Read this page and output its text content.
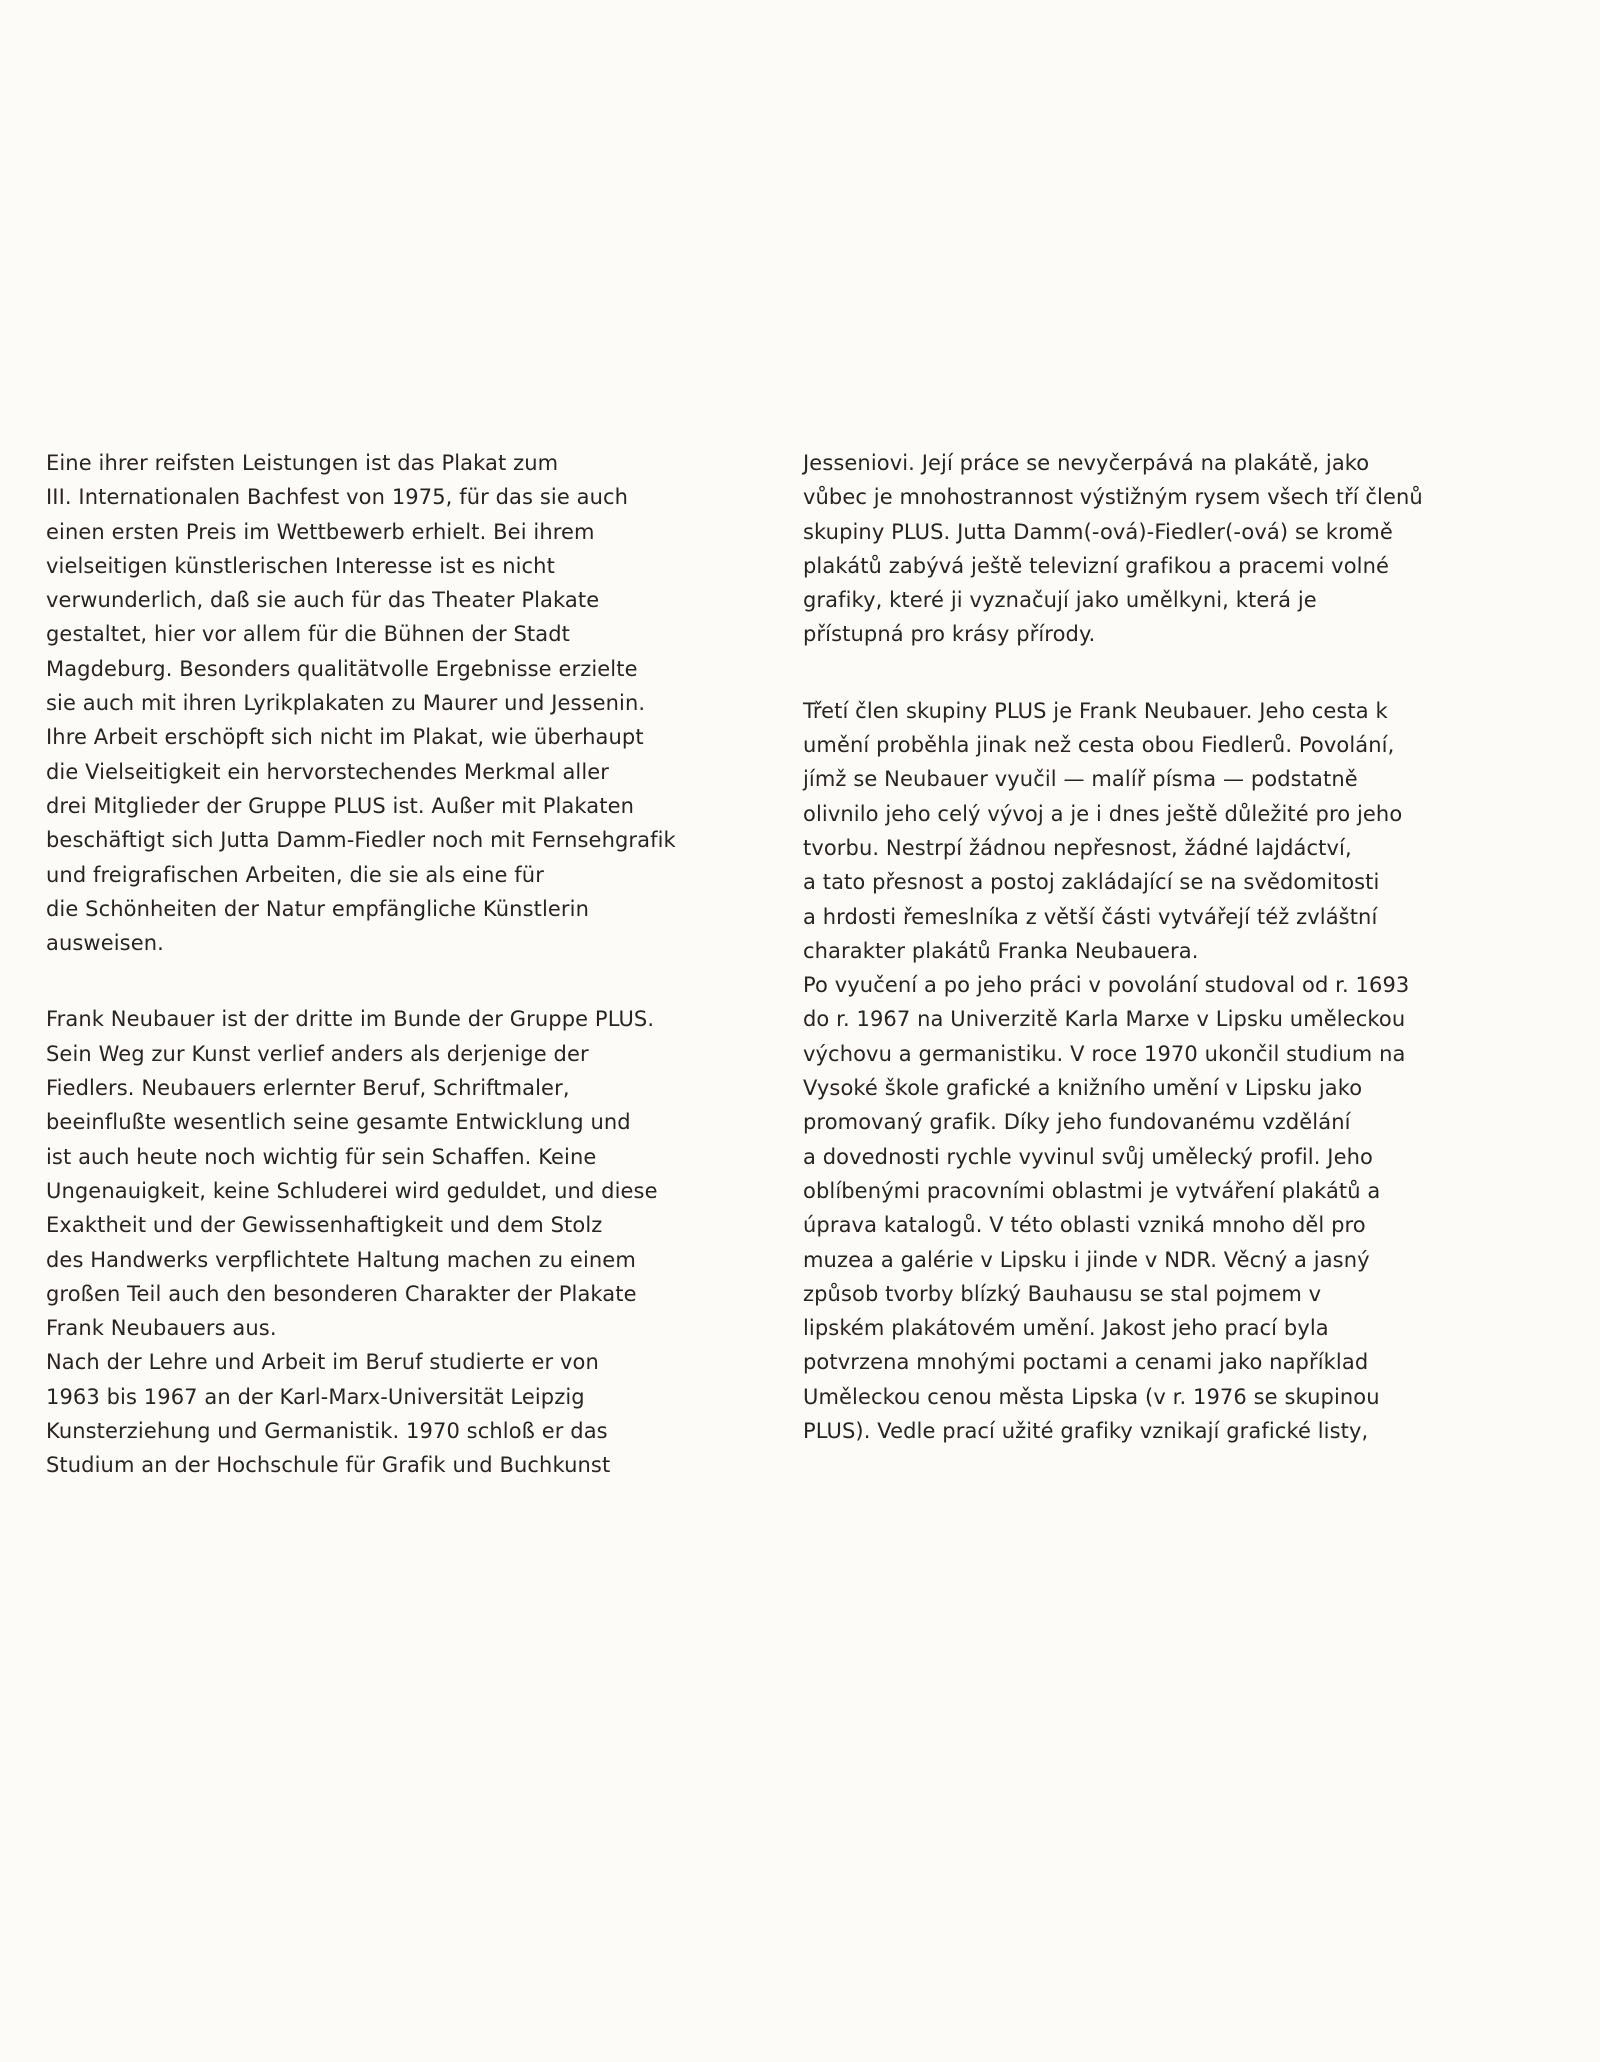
Eine ihrer reifsten Leistungen ist das Plakat zum
III. Internationalen Bachfest von 1975, für das sie auch
einen ersten Preis im Wettbewerb erhielt. Bei ihrem
vielseitigen künstlerischen Interesse ist es nicht
verwunderlich, daß sie auch für das Theater Plakate
gestaltet, hier vor allem für die Bühnen der Stadt
Magdeburg. Besonders qualitätvolle Ergebnisse erzielte
sie auch mit ihren Lyrikplakaten zu Maurer und Jessenin.
Ihre Arbeit erschöpft sich nicht im Plakat, wie überhaupt
die Vielseitigkeit ein hervorstechendes Merkmal aller
drei Mitglieder der Gruppe PLUS ist. Außer mit Plakaten
beschäftigt sich Jutta Damm-Fiedler noch mit Fernsehgrafik
und freigrafischen Arbeiten, die sie als eine für
die Schönheiten der Natur empfängliche Künstlerin
ausweisen.
Frank Neubauer ist der dritte im Bunde der Gruppe PLUS.
Sein Weg zur Kunst verlief anders als derjenige der
Fiedlers. Neubauers erlernter Beruf, Schriftmaler,
beeinflußte wesentlich seine gesamte Entwicklung und
ist auch heute noch wichtig für sein Schaffen. Keine
Ungenauigkeit, keine Schluderei wird geduldet, und diese
Exaktheit und der Gewissenhaftigkeit und dem Stolz
des Handwerks verpflichtete Haltung machen zu einem
großen Teil auch den besonderen Charakter der Plakate
Frank Neubauers aus.
Nach der Lehre und Arbeit im Beruf studierte er von
1963 bis 1967 an der Karl-Marx-Universität Leipzig
Kunsterziehung und Germanistik. 1970 schloß er das
Studium an der Hochschule für Grafik und Buchkunst
Jesseniovi. Její práce se nevyčerpává na plakátě, jako
vůbec je mnohostrannost výstižným rysem všech tří členů
skupiny PLUS. Jutta Damm(-ová)-Fiedler(-ová) se kromě
plakátů zabývá ještě televizní grafikou a pracemi volné
grafiky, které ji vyznačují jako umělkyni, která je
přístupná pro krásy přírody.
Třetí člen skupiny PLUS je Frank Neubauer. Jeho cesta k
umění proběhla jinak než cesta obou Fiedlerů. Povolání,
jímž se Neubauer vyučil — malíř písma — podstatně
olivnilo jeho celý vývoj a je i dnes ještě důležité pro jeho
tvorbu. Nestrpí žádnou nepřesnost, žádné lajdáctví,
a tato přesnost a postoj zakládající se na svědomitosti
a hrdosti řemeslníka z větší části vytvářejí též zvláštní
charakter plakátů Franka Neubauera.
Po vyučení a po jeho práci v povolání studoval od r. 1693
do r. 1967 na Univerzitě Karla Marxe v Lipsku uměleckou
výchovu a germanistiku. V roce 1970 ukončil studium na
Vysoké škole grafické a knižního umění v Lipsku jako
promovaný grafik. Díky jeho fundovanému vzdělání
a dovednosti rychle vyvinul svůj umělecký profil. Jeho
oblíbenými pracovními oblastmi je vytváření plakátů a
úprava katalogů. V této oblasti vzniká mnoho děl pro
muzea a galérie v Lipsku i jinde v NDR. Věcný a jasný
způsob tvorby blízký Bauhausu se stal pojmem v
lipském plakátovém umění. Jakost jeho prací byla
potvrzena mnohými poctami a cenami jako například
Uměleckou cenou města Lipska (v r. 1976 se skupinou
PLUS). Vedle prací užité grafiky vznikají grafické listy,
